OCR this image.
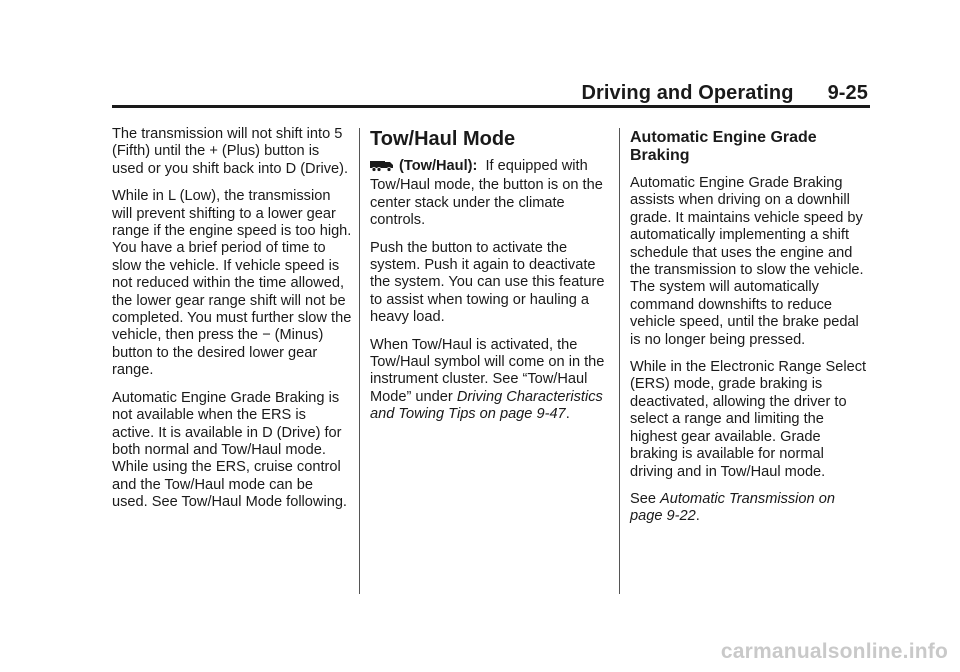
Driving and Operating 9-25

The transmission will not shift into 5 (Fifth) until the + (Plus) button is used or you shift back into D (Drive).

While in L (Low), the transmission will prevent shifting to a lower gear range if the engine speed is too high. You have a brief period of time to slow the vehicle. If vehicle speed is not reduced within the time allowed, the lower gear range shift will not be completed. You must further slow the vehicle, then press the − (Minus) button to the desired lower gear range.

Automatic Engine Grade Braking is not available when the ERS is active. It is available in D (Drive) for both normal and Tow/Haul mode. While using the ERS, cruise control and the Tow/Haul mode can be used. See Tow/Haul Mode following.

Tow/Haul Mode

(Tow/Haul): If equipped with Tow/Haul mode, the button is on the center stack under the climate controls.

Push the button to activate the system. Push it again to deactivate the system. You can use this feature to assist when towing or hauling a heavy load.

When Tow/Haul is activated, the Tow/Haul symbol will come on in the instrument cluster. See “Tow/Haul Mode” under Driving Characteristics and Towing Tips on page 9-47.

Automatic Engine Grade Braking

Automatic Engine Grade Braking assists when driving on a downhill grade. It maintains vehicle speed by automatically implementing a shift schedule that uses the engine and the transmission to slow the vehicle. The system will automatically command downshifts to reduce vehicle speed, until the brake pedal is no longer being pressed.

While in the Electronic Range Select (ERS) mode, grade braking is deactivated, allowing the driver to select a range and limiting the highest gear available. Grade braking is available for normal driving and in Tow/Haul mode.

See Automatic Transmission on page 9-22.

carmanualsonline.info
